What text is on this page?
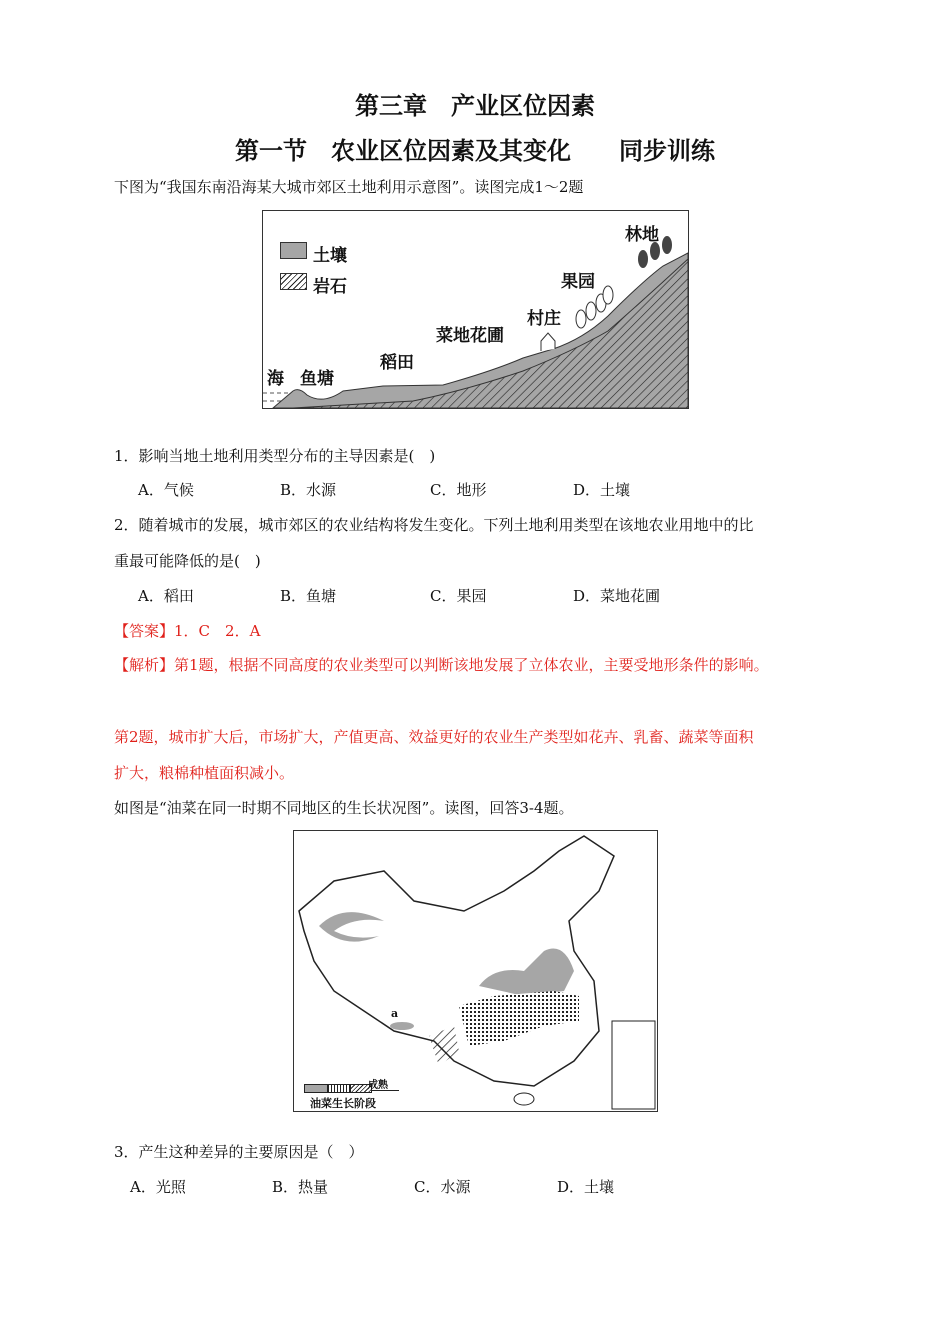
第三章　产业区位因素
第一节　农业区位因素及其变化　　同步训练
下图为“我国东南沿海某大城市郊区土地利用示意图”。读图完成1～2题
土壤
岩石
海 鱼塘
稻田
菜地花圃
村庄
果园
林地
1．影响当地土地利用类型分布的主导因素是(　)
A．气候	B．水源	C．地形	D．土壤
2．随着城市的发展，城市郊区的农业结构将发生变化。下列土地利用类型在该地农业用地中的比
重最可能降低的是(　)
A．稻田	B．鱼塘	C．果园	D．菜地花圃
【答案】1．C　2．A
【解析】第1题，根据不同高度的农业类型可以判断该地发展了立体农业，主要受地形条件的影响。
第2题，城市扩大后，市场扩大，产值更高、效益更好的农业生产类型如花卉、乳畜、蔬菜等面积
扩大，粮棉种植面积减小。
如图是“油菜在同一时期不同地区的生长状况图”。读图，回答3-4题。
a
成熟
油菜生长阶段
3．产生这种差异的主要原因是（　）
A．光照	B．热量	C．水源	D．土壤
